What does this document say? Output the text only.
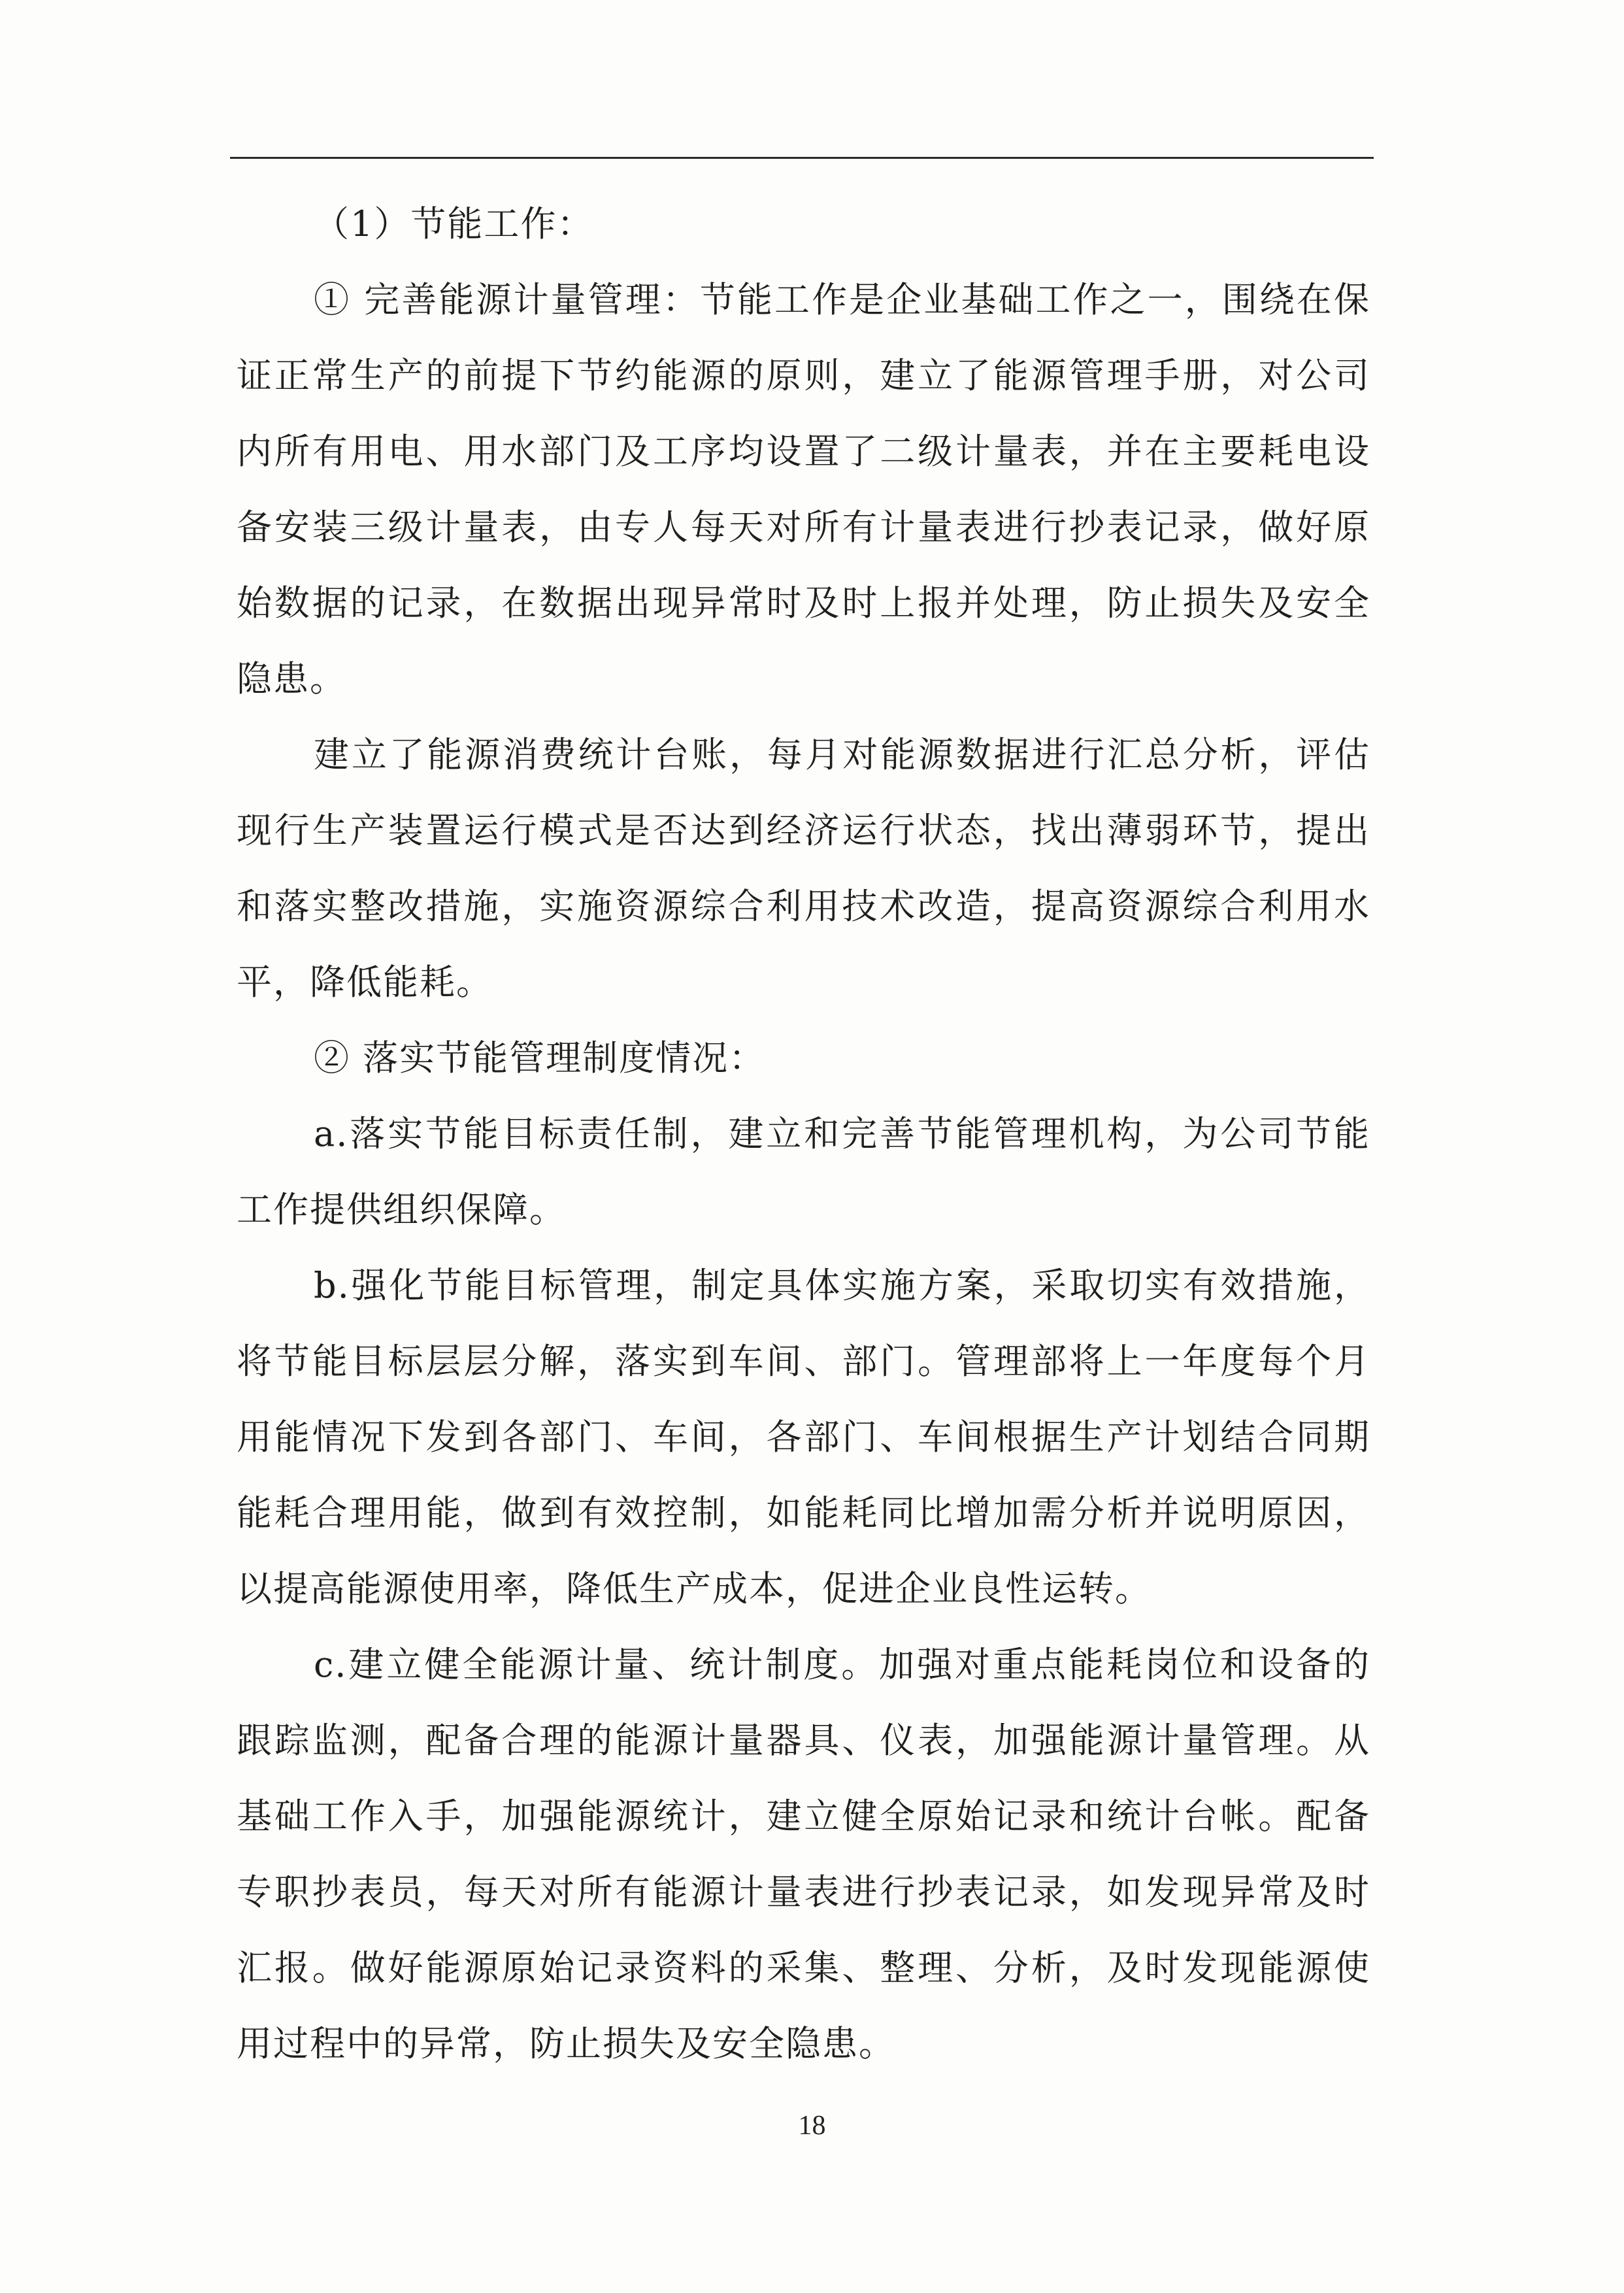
（1）节能工作：

① 完善能源计量管理：节能工作是企业基础工作之一，围绕在保证正常生产的前提下节约能源的原则，建立了能源管理手册，对公司内所有用电、用水部门及工序均设置了二级计量表，并在主要耗电设备安装三级计量表，由专人每天对所有计量表进行抄表记录，做好原始数据的记录，在数据出现异常时及时上报并处理，防止损失及安全隐患。

建立了能源消费统计台账，每月对能源数据进行汇总分析，评估现行生产装置运行模式是否达到经济运行状态，找出薄弱环节，提出和落实整改措施，实施资源综合利用技术改造，提高资源综合利用水平，降低能耗。

② 落实节能管理制度情况：

a.落实节能目标责任制，建立和完善节能管理机构，为公司节能工作提供组织保障。

b.强化节能目标管理，制定具体实施方案，采取切实有效措施，将节能目标层层分解，落实到车间、部门。管理部将上一年度每个月用能情况下发到各部门、车间，各部门、车间根据生产计划结合同期能耗合理用能，做到有效控制，如能耗同比增加需分析并说明原因，以提高能源使用率，降低生产成本，促进企业良性运转。

c.建立健全能源计量、统计制度。加强对重点能耗岗位和设备的跟踪监测，配备合理的能源计量器具、仪表，加强能源计量管理。从基础工作入手，加强能源统计，建立健全原始记录和统计台帐。配备专职抄表员，每天对所有能源计量表进行抄表记录，如发现异常及时汇报。做好能源原始记录资料的采集、整理、分析，及时发现能源使用过程中的异常，防止损失及安全隐患。

18
